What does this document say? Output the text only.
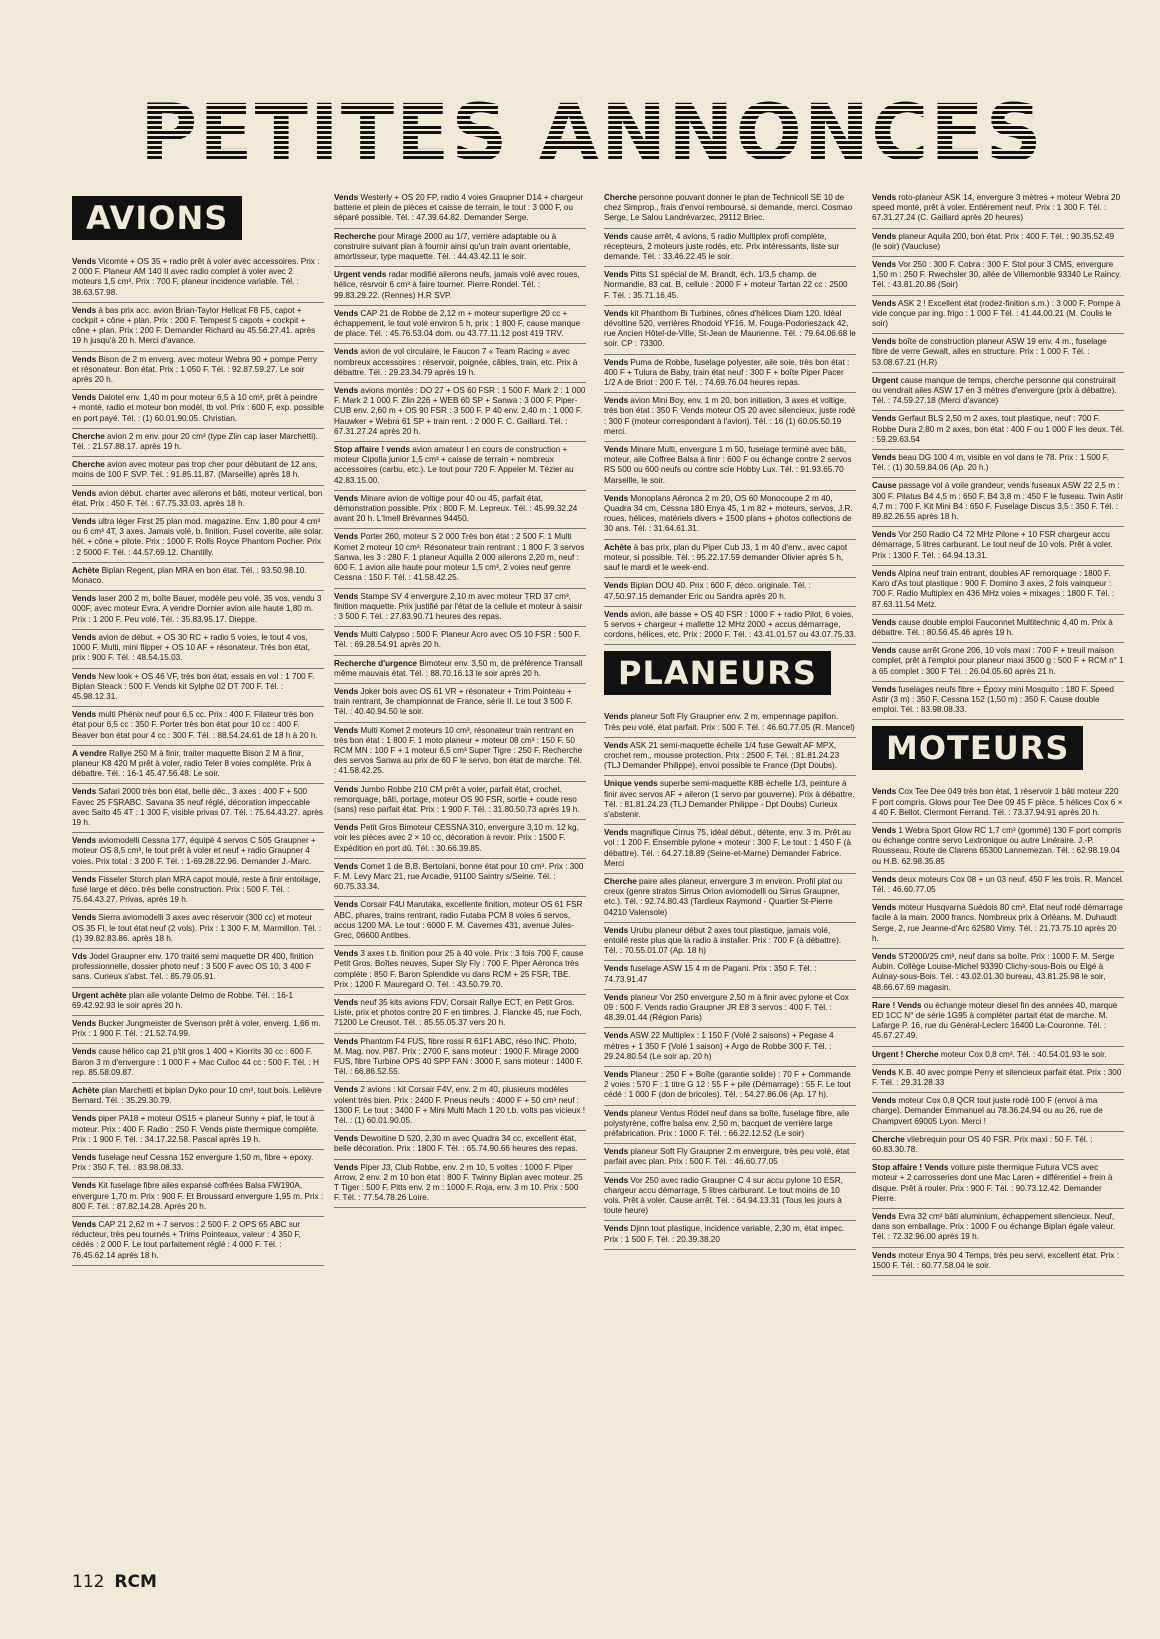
PETITES ANNONCES
AVIONS
Vends Vicomte + OS 35 + radio prêt à voler avec accessoires. Prix : 2 000 F. Planeur AM 140 II avec radio complet à voler avec 2 moteurs 1,5 cm³. Prix : 700 F, planeur incidence variable. Tél. : 38.63.57.98.
Vends à bas prix acc. avion Brian-Taylor Hellcat F8 F5, capot + cockpit + cône + plan. Prix : 200 F. Tempest 5 capots + cockpit + cône + plan. Prix : 200 F. Demander Richard au 45.56.27.41. après 19 h jusqu'à 20 h. Merci d'avance.
Vends Bison de 2 m enverg. avec moteur Webra 90 + pompe Perry et résonateur. Bon état. Prix : 1 050 F. Tél. : 92.87.59.27. Le soir après 20 h.
Vends Dalotel env. 1,40 m pour moteur 6,5 à 10 cm³, prêt à peindre + monté, radio et moteur bon modèl, tb vol. Prix : 600 F, exp. possible en port payé. Tél. : (1) 60.01.90.05. Christian.
Cherche avion 2 m env. pour 20 cm³ (type Zlin cap laser Marchetti). Tél. : 21.57.88.17. après 19 h.
Cherche avion avec moteur pas trop cher pour débutant de 12 ans, moins de 100 F SVP. Tél. : 91.85.11.87. (Marseille) après 18 h.
Vends avion début. charter avec ailerons et bâti, moteur vertical, bon état. Prix : 450 F. Tél. : 67.75.33.03. après 18 h.
Vends ultra léger First 25 plan mod. magazine. Env. 1,80 pour 4 cm³ ou 6 cm³ 4T, 3 axes. Jamais volé, b. finition. Fusel coverite, aile solar. hél. + cône + pilote. Prix : 1000 F. Rolls Royce Phantom Pocher. Prix : 2 5000 F. Tél. : 44.57.69.12. Chantilly.
Achète Biplan Regent, plan MRA en bon état. Tél. : 93.50.98.10. Monaco.
Vends laser 200 2 m, boîte Bauer, modèle peu volé, 35 vos, vendu 3 000F, avec moteur Evra. A vendre Dornier avion aile haute 1,80 m. Prix : 1 200 F. Peu volé. Tél. : 35.83.95.17. Dieppe.
Vends avion de début. + OS 30 RC + radio 5 voies, le tout 4 vos, 1000 F. Multi, mini flipper + OS 10 AF + résonateur. Très bon état, prix : 900 F. Tél. : 48.54.15.03.
Vends New look + OS 46 VF, très bon état, essais en vol : 1 700 F. Biplan Steack : 500 F. Vends kit Sylphe 02 DT 700 F. Tél. : 45.98.12.31.
Vends multi Phénix neuf pour 6,5 cc. Prix : 400 F. Filateur très bon état pour 6,5 cc : 350 F. Porter très bon état pour 10 cc : 400 F. Beaver bon état pour 4 cc : 300 F. Tél. : 88.54.24.61 de 18 h à 20 h.
A vendre Rallye 250 M à finir, traiter maquette Bison 2 M à finir, planeur K8 420 M prêt à voler, radio Teler 8 voies complète. Prix à débattre. Tél. : 16-1 45.47.56.48. Le soir.
Vends Safari 2000 très bon état, belle déc., 3 axes : 400 F + 500 Favec 25 FSRABC. Savana 35 neuf réglé, décoration impeccable avec Saito 45 4T : 1 300 F, visible privas 07. Tél. : 75.64.43.27. après 19 h.
Vends aviomodelli Cessna 177, équipé 4 servos C 505 Graupner + moteur OS 8,5 cm³, le tout prêt à voler et neuf + radio Graupner 4 voies. Prix total : 3 200 F. Tél. : 1-69.28.22.96. Demander J.-Marc.
Vends Fisseler Storch plan MRA capot moulé, reste à finir entoilage, fusé large et déco. très belle construction. Prix : 500 F. Tél. : 75.64.43.27. Privas, après 19 h.
Vends Sierra aviomodelli 3 axes avec réservoir (300 cc) et moteur OS 35 FI, le tout état neuf (2 vols). Prix : 1 300 F. M. Marmillon. Tél. : (1) 39.82.83.86. après 18 h.
Vds Jodel Graupner env. 170 traité semi maquette DR 400, finition professionnelle, dossier photo neuf : 3 500 F avec OS 10, 3 400 F sans. Curieux s'abst. Tél. : 85.79.05.91.
Urgent achète plan aile volante Delmo de Robbe. Tél. : 16-1 69.42.92.93 le soir après 20 h.
Vends Bucker Jungmeister de Svenson prêt à voler, enverg. 1,66 m. Prix : 1 900 F. Tél. : 21.52.74.99.
Vends cause hélico cap 21 p'tit gros 1 400 + Kiorrits 30 cc : 600 F. Baron 3 m d'envergure : 1 000 F + Mac Culloc 44 cc : 500 F. Tél. : H rep. 85.58.09.87.
Achète plan Marchetti et biplan Dyko pour 10 cm³, tout bois. Lelièvre Bernard. Tél. : 35.29.30.79.
Vends piper PA18 + moteur OS15 + planeur Sunny + piaf, le tout à moteur. Prix : 400 F. Radio : 250 F. Vends piste thermique complète. Prix : 1 900 F. Tél. : 34.17.22.58. Pascal après 19 h.
Vends fuselage neuf Cessna 152 envergure 1,50 m, fibre + epoxy. Prix : 350 F. Tél. : 83.98.08.33.
Vends Kit fuselage fibre ailes expansé coffrées Balsa FW190A, envergure 1,70 m. Prix : 900 F. Et Broussard envergure 1,95 m. Prix : 800 F. Tél. : 87.82.14.28. Après 20 h.
Vends CAP 21 2,62 m + 7 servos : 2 500 F. 2 OPS 65 ABC sur réducteur, très peu tournés + Trims Pointeaux, valeur : 4 350 F, cédés : 2 000 F. Le tout parfaitement réglé : 4 000 F. Tél. : 76.45.62.14 après 18 h.
Vends Westerly + OS 20 FP, radio 4 voies Graupner D14 + chargeur batterie et plein de pièces et caisse de terrain, le tout : 3 000 F, ou séparé possible. Tél. : 47.39.64.82. Demander Serge.
Recherche pour Mirage 2000 au 1/7, verrière adaptable ou à construire suivant plan à fournir ainsi qu'un train avant orientable, amortisseur, type maquette. Tél. : 44.43.42.11 le soir.
Urgent vends radar modifié ailerons neufs, jamais volé avec roues, hélice, résrvoir 6 cm³ à faire tourner. Pierre Rondel. Tél. : 99.83.29.22. (Rennes) H.R SVP.
Vends CAP 21 de Robbe de 2,12 m + moteur supertigre 20 cc + échappement, le tout volé environ 5 h, prix : 1 800 F, cause manque de place. Tél. : 45.76.53.04 dom. ou 43.77.11.12 post 419 TRV.
Vends avion de vol circulaire, le Faucon 7 « Team Racing » avec nombreux accessoires : réservoir, poignée, câbles, train, etc. Prix à débattre. Tél. : 29.23.34.79 après 19 h.
Vends avions montés : DO 27 + OS 60 FSR : 1 500 F. Mark 2 : 1 000 F. Mark 2 1 000 F. Zlin 226 + WEB 60 SP + Sanwa : 3 000 F. Piper-CUB env. 2,60 m + OS 90 FSR : 3 500 F. P 40 env. 2,40 m : 1 000 F. Hauwker + Webra 61 SP + train rent. : 2 000 F. C. Gaillard. Tél. : 67.31.27.24 après 20 h.
Stop affaire ! vends avion amateur I en cours de construction + moteur Cipolla junior 1,5 cm³ + caisse de terrain + nombreux accessoires (carbu, etc.). Le tout pour 720 F. Appeler M. Tézier au 42.83.15.00.
Vends Minare avion de voltige pour 40 ou 45, parfait état, démonstration possible. Prix : 800 F. M. Lepreux. Tél. : 45.99.32.24 avant 20 h. L'Imell Brévannes 94450.
Vends Porter 260, moteur S 2 000 Très bon état : 2 500 F. 1 Multi Komet 2 moteur 10 cm³. Résonateur train rentrant : 1 800 F. 3 servos Sanwa, les 3 : 280 F. 1 planeur Aquilla 2 000 ailerons 2,20 m, neuf : 600 F. 1 avion aile haute pour moteur 1,5 cm³, 2 voies neuf genre Cessna : 150 F. Tél. : 41.58.42.25.
Vends Stampe SV 4 envergure 2,10 m avec moteur TRD 37 cm³, finition maquette. Prix justifié par l'état de la cellule et moteur à saisir : 3 500 F. Tél. : 27.83.90.71 heures des repas.
Vends Multi Calypso : 500 F. Planeur Acro avec OS 10 FSR : 500 F. Tél. : 69.28.54.91 après 20 h.
Recherche d'urgence Bimoteur env. 3,50 m, de préférence Transall même mauvais état. Tél. : 88.70.16.13 le soir après 20 h.
Vends Joker bois avec OS 61 VR + résonateur + Trim Pointeau + train rentrant, 3e championnat de France, série II. Le tout 3 500 F. Tél. : 40.40.94.50 le soir.
Vends Multi Komet 2 moteurs 10 cm³, résonateur train rentrant en très bon état : 1 800 F. 1 moto planeur + moteur 08 cm³ : 150 F. 50 RCM MN : 100 F + 1 moteur 6,5 cm³ Super Tigre : 250 F. Recherche des servos Sanwa au prix de 60 F le servo, bon état de marche. Tél. : 41.58.42.25.
Vends Jumbo Robbe 210 CM prêt à voler, parfait état, crochet, remorquage, bâti, portage, moteur OS 90 FSR, sortie + coude reso (sans) reso parfait état. Prix : 1 900 F. Tél. : 31.80.50.73 après 19 h.
Vends Petit Gros Bimoteur CESSNA 310, envergure 3,10 m. 12 kg, voir les pièces avec 2 × 10 cc, décoration à revoir. Prix : 1500 F. Expédition en port dû. Tél. : 30.66.39.85.
Vends Comet 1 de B.B. Bertolani, bonne état pour 10 cm³. Prix : 300 F. M. Levy Marc 21, rue Arcadie, 91100 Saintry s/Seine. Tél. : 60.75.33.34.
Vends Corsair F4U Marutaka, excellente finition, moteur OS 61 FSR ABC, phares, trains rentrant, radio Futaba PCM 8 voies 6 servos, accus 1200 MA. Le tout : 6000 F. M. Cavernes 431, avenue Jules-Grec, 06600 Antibes.
Vends 3 axes t.b. finition pour 25 à 40 vole. Prix : 3 fois 700 F, cause Petit Gros. Boîtes neuves, Super Sly Fly : 700 F. Piper Aéronca très complète : 850 F. Baron Splendide vu dans RCM + 25 FSR, TBE. Prix : 1200 F. Mauregard O. Tél. : 43.50.79.70.
Vends neuf 35 kits avions FDV, Corsair Rallye ECT, en Petit Gros. Liste, prix et photos contre 20 F en timbres. J. Flancke 45, rue Foch, 71200 Le Creusot. Tél. : 85.55.05.37 vers 20 h.
Vends Phantom F4 FUS, fibre rossi R 61F1 ABC, réso INC. Photo, M. Mag. nov. P87. Prix : 2700 F, sans moteur : 1900 F. Mirage 2000 FUS, fibre Turbine OPS 40 SPP FAN : 3000 F, sans moteur : 1400 F. Tél. : 66.86.52.55.
Vends 2 avions : kit Corsair F4V, env. 2 m 40, plusieurs modèles volent très bien. Prix : 2400 F. Pneus neufs : 4000 F + 50 cm³ neuf : 1300 F. Le tout : 3400 F + Mini Multi Mach 1 20 t.b. volts pas vicieux ! Tél. : (1) 60.01.90.05.
Vends Dewoitine D 520, 2,30 m avec Quadra 34 cc, excellent état, belle décoration. Prix : 1800 F. Tél. : 65.74.90.66 heures des repas.
Vends Piper J3, Club Robbe, env. 2 m 10, 5 voltes : 1000 F. Piper Arrow, 2 env. 2 m 10 bon état : 800 F. Twinny Biplan avec moteur. 25 T Tiger : 500 F. Pitts env. 2 m : 1000 F. Roja, env. 3 m 10. Prix : 500 F. Tél. : 77.54.78.26 Loire.
Cherche personne pouvant donner le plan de Technicoll SE 10 de chez Simprop., frais d'envoi remboursé, si demande, merci. Cosmao Serge, Le Salou Landrévarzec, 29112 Briec.
Vends cause arrêt, 4 avions, 5 radio Multiplex profi complète, récepteurs, 2 moteurs juste rodés, etc. Prix intéressants, liste sur demande. Tél. : 33.46.22.45 le soir.
Vends Pitts S1 spécial de M. Brandt, éch. 1/3,5 champ. de Normandie, 83 cat. B, cellule : 2000 F + moteur Tartan 22 cc : 2500 F. Tél. : 35.71.16.45.
Vends kit Phanthom Bi Turbines, cônes d'hélices Diam 120. Idéal dévoltine 520, verrières Rhodoid YF16. M. Fouga-Podorieszack 42, rue Ancien Hôtel-de-Ville, St-Jean de Maurienne. Tél. : 79.64.06.68 le soir. CP : 73300.
Vends Puma de Robbe, fuselage polyester, aile soie, très bon état : 400 F + Tulura de Baby, train état neuf : 300 F + boîte Piper Pacer 1/2 A de Briot : 200 F. Tél. : 74.69.76.04 heures repas.
Vends avion Mini Boy, env. 1 m 20, bon initiation, 3 axes et voltige, très bon état : 350 F. Vends moteur OS 20 avec silencieux, juste rodé : 300 F (moteur correspondant à l'avion). Tél. : 16 (1) 60.05.50.19 merci.
Vends Minare Multi, envergure 1 m 50, fuselage terminé avec bâti, moteur, aile Coffree Balsa à finir : 600 F ou échange contre 2 servos RS 500 ou 600 neufs ou contre scie Hobby Lux. Tél. : 91.93.65.70 Marseille, le soir.
Vends Monoplans Aéronca 2 m 20, OS 60 Monocoupe 2 m 40, Quadra 34 cm, Cessna 180 Enya 45, 1 m 82 + moteurs, servos, J.R. roues, hélices, matériels divers + 1500 plans + photos collections de 30 ans. Tél. : 31.64.61.31.
Achète à bas prix, plan du Piper Cub J3, 1 m 40 d'env., avec capot moteur, si possible. Tél. : 95.22.17.59 demander Olivier après 5 h, sauf le mardi et le week-end.
Vends Biplan DOU 40. Prix : 600 F, déco. originale. Tél. : 47.50.97.15 demander Eric ou Sandra après 20 h.
Vends avion, aile basse + OS 40 FSR : 1000 F + radio Pilot, 6 voies, 5 servos + chargeur + mallette 12 MHz 2000 + accus démarrage, cordons, hélices, etc. Prix : 2000 F. Tél. : 43.41.01.57 ou 43.07.75.33.
PLANEURS
Vends planeur Soft Fly Graupner env. 2 m, empennage papillon. Très peu volé, état parfait. Prix : 500 F. Tél. : 46.60.77.05 (R. Mancel)
Vends ASK 21 semi-maquette échelle 1/4 fuse Gewalt AF MPX, crochet rem., mousse protection. Prix : 2500 F. Tél. : 81.81.24.23 (TLJ Demander Philippe), envoi possible te France (Dpt Doubs).
Unique vends superbe semi-maquette K8B échelle 1/3, peinture à finir avec servos AF + aileron (1 servo par gouverne). Prix à débattre. Tél. : 81.81.24.23 (TLJ Demander Philippe - Dpt Doubs) Curieux s'abstenir.
Vends magnifique Cirrus 75, idéal début., détente, env. 3 m. Prêt au vol : 1 200 F. Ensemble pylone + moteur : 300 F. Le tout : 1 450 F (à débattre). Tél. : 64.27.18.89 (Seine-et-Marne) Demander Fabrice. Merci
Cherche paire ailes planeur, envergure 3 m environ. Profil plat ou creux (genre stratos Sirrus Orion aviomodelli ou Sirrus Graupner, etc.). Tél. : 92.74.80.43 (Tardieux Raymond - Quartier St-Pierre 04210 Valensole)
Vends Urubu planeur début 2 axes tout plastique, jamais volé, entoilé reste plus que la radio à installer. Prix : 700 F (à débattre). Tél. : 70.55.01.07 (Ap. 18 h)
Vends fuselage ASW 15 4 m de Pagani. Prix : 350 F. Tél. : 74.73.91.47
Vends planeur Vor 250 envergure 2,50 m à finir avec pylone et Cox 09 : 500 F. Vends radio Graupner JR E8 3 servos : 400 F. Tél. : 48.39.01.44 (Région Paris)
Vends ASW 22 Multiplex : 1 150 F (Volé 2 saisons) + Pegase 4 mètres + 1 350 F (Volé 1 saison) + Argo de Robbe 300 F. Tél. : 29.24.80.54 (Le soir ap. 20 h)
Vends Planeur : 250 F + Boîte (garantie solide) : 70 F + Commande 2 voies : 570 F : 1 titre G 12 : 55 F + pile (Démarrage) : 55 F. Le tout cédé : 1 000 F (don de bricoles). Tél. : 54.27.86.06 (Ap. 17 h).
Vends planeur Ventus Rödel neuf dans sa boîte, fuselage fibre, aile polystyrène, coffre balsa env. 2,50 m, bacquet de verrière large préfabrication. Prix : 1000 F. Tél. : 66.22.12.52 (Le soir)
Vends planeur Soft Fly Graupner 2 m envergure, très peu volé, état parfait avec plan. Prix : 500 F. Tél. : 46.60.77.05
Vends Vor 250 avec radio Graupner C 4 sur accu pylone 10 ESR, chargeur accu démarrage, 5 litres carburant. Le tout moins de 10 vols. Prêt à voler. Cause arrêt. Tél. : 64.94.13.31 (Tous les jours à toute heure)
Vends Djinn tout plastique, incidence variable, 2,30 m, état impec. Prix : 1 500 F. Tél. : 20.39.38.20
Vends roto-planeur ASK 14, envergure 3 mètres + moteur Webra 20 speed monté, prêt à voler. Entièrement neuf. Prix : 1 300 F. Tél. : 67.31.27.24 (C. Gaillard après 20 heures)
Vends planeur Aquila 200, bon état. Prix : 400 F. Tél. : 90.35.52.49 (le soir) (Vaucluse)
Vends Vor 250 : 300 F. Cobra : 300 F. Stol pour 3 CMS, envergure 1,50 m : 250 F. Rwechsler 30, allée de Villemonble 93340 Le Raincy. Tél. : 43.81.20.86 (Soir)
Vends ASK 2 ! Excellent état (rodez-finition s.m.) : 3 000 F. Pompe à vide conçue par ing. frigo : 1 000 F Tél. : 41.44.00.21 (M. Coulis le soir)
Vends boîte de construction planeur ASW 19 env. 4 m., fuselage fibre de verre Gewalt, ailes en structure. Prix : 1 000 F. Tél. : 53.08.67.21 (H.R)
Urgent cause manque de temps, cherche personne qui construirait ou vendrait ailes ASW 17 en 3 mètres d'envergure (prix à débattre). Tél. : 74.59.27.18 (Merci d'avance)
Vends Gerfaut BLS 2,50 m 2 axes, tout plastique, neuf : 700 F. Robbe Dura 2,80 m 2 axes, bon état : 400 F ou 1 000 F les deux. Tél. : 59.29.63.54
Vends beau DG 100 4 m, visible en vol dans le 78. Prix : 1 500 F. Tél. : (1) 30.59.84.06 (Ap. 20 h.)
Cause passage vol à voile grandeur, vends fuseaux ASW 22 2,5 m : 300 F. Pilatus B4 4,5 m : 650 F. B4 3,8 m : 450 F le fuseau. Twin Astir 4,7 m : 700 F. Kit Mini B4 : 650 F. Fuselage Discus 3,5 : 350 F. Tél. : 89.82.26.55 après 18 h.
Vends Vor 250 Radio C4 72 MHz Pilone + 10 FSR chargeur accu démarrage, 5 litres carburant. Le tout neuf de 10 vols. Prêt à voler. Prix : 1300 F. Tél. : 64.94.13.31.
Vends Alpina neuf train entrant, doubles AF remorquage : 1800 F. Karo d'As tout plastique : 900 F. Domino 3 axes, 2 fois vainqueur : 700 F. Radio Multiplex en 436 MHz voies + mixages : 1800 F. Tél. : 87.63.11.54 Metz.
Vends cause double emploi Fauconnet Multitechnic 4,40 m. Prix à débattre. Tél. : 80.56.45.46 après 19 h.
Vends cause arrêt Grone 206, 10 vols maxi : 700 F + treuil maison complet, prêt à l'emploi pour planeur maxi 3500 g : 500 F + RCM n° 1 à 65 complet : 300 F Tél. : 26.04.05.60 après 21 h.
Vends fuselages neufs fibre + Époxy mini Mosquito : 180 F. Speed Astir (3 m) : 350 F. Cessna 152 (1,50 m) : 350 F. Cause double emploi. Tél. : 83.98.08.33.
MOTEURS
Vends Cox Tee Dee 049 très bon état, 1 réservoir 1 bâti moteur 220 F port compris. Glows pour Tee Dee 09 45 F pièce. 5 hélices Cox 6 × 4 40 F. Bellot. Clermont Ferrand. Tél. : 73.37.94.91 après 20 h.
Vends 1 Webra Sport Glow RC 1,7 cm³ (gommé) 130 F port compris ou échange contre servo Lextronique ou autre Linéraire. J.-P. Rousseau, Route de Clarens 65300 Lannemezan. Tél. : 62.98.19.04 ou H.B. 62.98.35.85
Vends deux moteurs Cox 08 + un 03 neuf. 450 F les trois. R. Mancel. Tél. : 46.60.77.05
Vends moteur Husqvarna Suédois 80 cm³. Etat neuf rodé démarrage facile à la main. 2000 francs. Nombreux prix à Orléans. M. Duhaudt Serge, 2, rue Jeanne-d'Arc 62580 Vimy. Tél. : 21.73.75.10 après 20 h.
Vends ST2000/25 cm³, neuf dans sa boîte. Prix : 1000 F. M. Serge Aubin. Collège Louise-Michel 93390 Clichy-sous-Bois ou Elgé à Aulnay-sous-Bois. Tél. : 43.02.01.30 bureau, 43.81.25.98 le soir, 48.66.67.69 magasin.
Rare ! Vends ou échange moteur diesel fin des années 40, marque ED 1CC N° de série 1G95 à compléter partait état de marche. M. Lafarge P. 16, rue du Général-Leclerc 16400 La-Couronne. Tél. : 45.67.27.49.
Urgent ! Cherche moteur Cox 0,8 cm³. Tél. : 40.54.01.93 le soir.
Vends K.B. 40 avec pompe Perry et silencieux parfait état. Prix : 300 F. Tél. : 29.31.28.33
Vends moteur Cox 0,8 QCR tout juste rodé 100 F (envoi à ma charge). Demander Emmanuel au 78.36.24.94 ou au 26, rue de Champvert 69005 Lyon. Merci !
Cherche vilebrequin pour OS 40 FSR. Prix maxi : 50 F. Tél. : 60.83.30.78.
Stop affaire ! Vends voiture piste thermique Futura VCS avec moteur + 2 carrosseries dont une Mac Laren + différentiel + frein à disque. Prêt à rouler. Prix : 900 F. Tél. : 90.73.12.42. Demander Pierre.
Vends Evra 32 cm³ bâti aluminium, échappement silencieux. Neuf, dans son emballage. Prix : 1000 F ou échange Biplan égale valeur. Tél. : 72.32.96.00 après 19 h.
Vends moteur Enya 90 4 Temps, très peu servi, excellent état. Prix : 1500 F. Tél. : 60.77.58.04 le soir.
112 RCM
